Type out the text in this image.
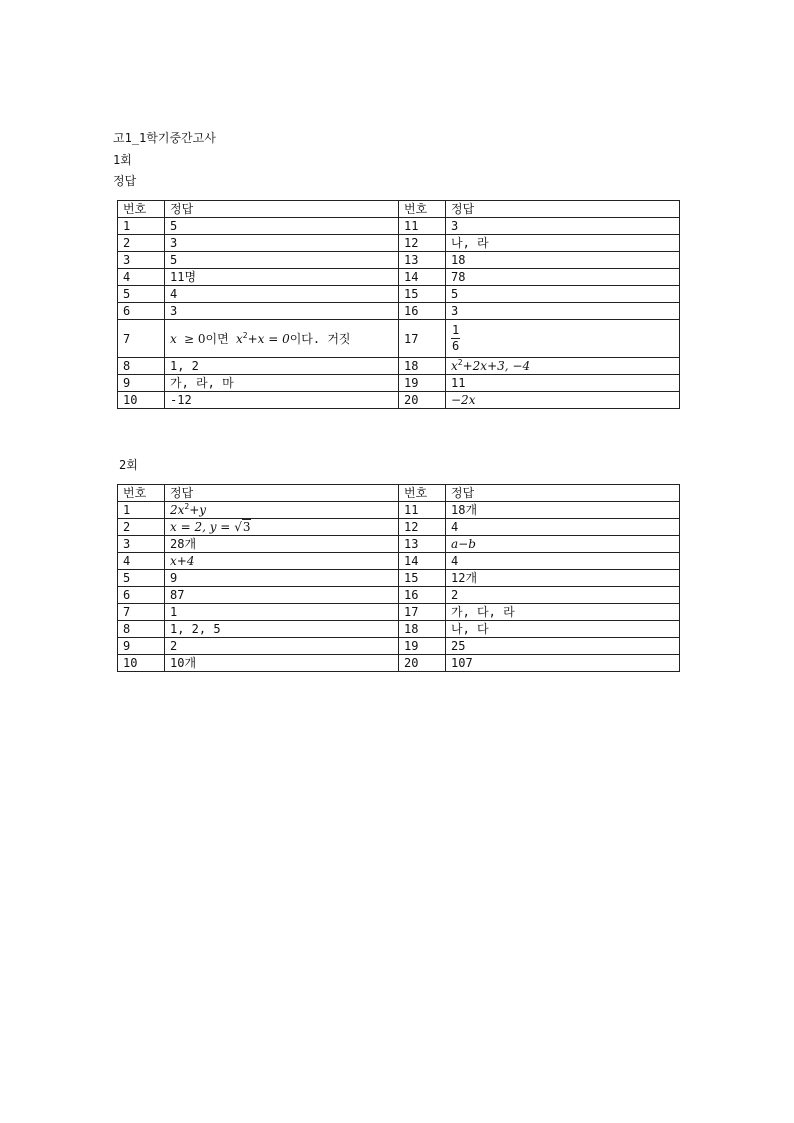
고1_1학기중간고사
1회
정답
번호	정답	번호	정답
1	5	11	3
2	3	12	나, 라
3	5	13	18
4	11명	14	78
5	4	15	5
6	3	16	3
7	x ≥ 0이면 $x^2+x = 0$이다. 거짓	17	$\frac{1}{6}$

8	1, 2	18	$x^2+2x+3$, −4
9	가, 라, 마	19	11
10	-12	20	−2x
2회
번호	정답	번호	정답
1	$2x^2+y$	11	18개
2	x = 2, y = √3	12	4
3	28개	13	a−b
4	x+4	14	4
5	9	15	12개
6	87	16	2
7	1	17	가, 다, 라
8	1, 2, 5	18	나, 다
9	2	19	25
10	10개	20	107
